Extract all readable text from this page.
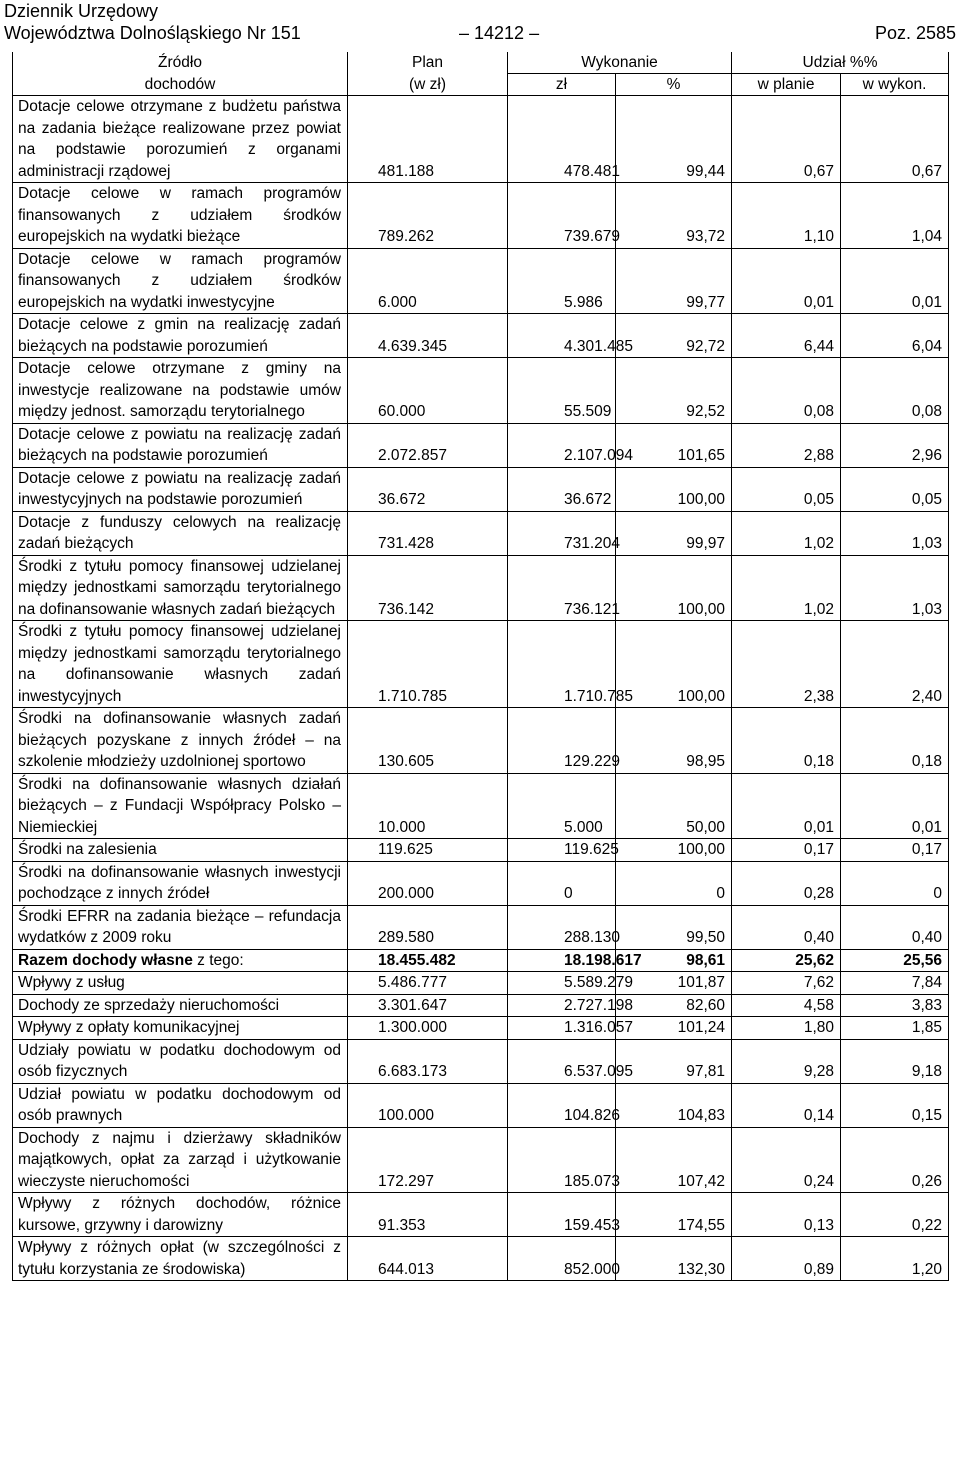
Dziennik Urzędowy
Województwa Dolnośląskiego Nr 151	– 14212 –	Poz. 2585
Źródło	Plan	Wykonanie		Udział %%	
dochodów	(w zł)	zł	%	w planie	w wykon.
Dotacje celowe otrzymane z budżetu państwa na zadania bieżące realizowane przez powiat na podstawie porozumień z organami administracji rządowej	481.188	478.481	99,44	0,67	0,67
Dotacje celowe w ramach programów finansowanych z udziałem środków europejskich na wydatki bieżące	789.262	739.679	93,72	1,10	1,04
Dotacje celowe w ramach programów finansowanych z udziałem środków europejskich na wydatki inwestycyjne	6.000	5.986	99,77	0,01	0,01
Dotacje celowe z gmin na realizację zadań bieżących na podstawie porozumień	4.639.345	4.301.485	92,72	6,44	6,04
Dotacje celowe otrzymane z gminy na inwestycje realizowane na podstawie umów między jednost. samorządu terytorialnego	60.000	55.509	92,52	0,08	0,08
Dotacje celowe z powiatu na realizację zadań bieżących na podstawie porozumień	2.072.857	2.107.094	101,65	2,88	2,96
Dotacje celowe z powiatu na realizację zadań inwestycyjnych na podstawie porozumień	36.672	36.672	100,00	0,05	0,05
Dotacje z funduszy celowych na realizację zadań bieżących	731.428	731.204	99,97	1,02	1,03
Środki z tytułu pomocy finansowej udzielanej między jednostkami samorządu terytorialnego na dofinansowanie własnych zadań bieżących	736.142	736.121	100,00	1,02	1,03
Środki z tytułu pomocy finansowej udzielanej między jednostkami samorządu terytorialnego na dofinansowanie własnych zadań inwestycyjnych	1.710.785	1.710.785	100,00	2,38	2,40
Środki na dofinansowanie własnych zadań bieżących pozyskane z innych źródeł – na szkolenie młodzieży uzdolnionej sportowo	130.605	129.229	98,95	0,18	0,18
Środki na dofinansowanie własnych działań bieżących – z Fundacji Współpracy Polsko – Niemieckiej	10.000	5.000	50,00	0,01	0,01
Środki na zalesienia	119.625	119.625	100,00	0,17	0,17
Środki na dofinansowanie własnych inwestycji pochodzące z innych źródeł	200.000	0	0	0,28	0
Środki EFRR na zadania bieżące – refundacja wydatków z 2009 roku	289.580	288.130	99,50	0,40	0,40
Razem dochody własne z tego:	18.455.482	18.198.617	98,61	25,62	25,56
Wpływy z usług	5.486.777	5.589.279	101,87	7,62	7,84
Dochody ze sprzedaży nieruchomości	3.301.647	2.727.198	82,60	4,58	3,83
Wpływy z opłaty komunikacyjnej	1.300.000	1.316.057	101,24	1,80	1,85
Udziały powiatu w podatku dochodowym od osób fizycznych	6.683.173	6.537.095	97,81	9,28	9,18
Udział powiatu w podatku dochodowym od osób prawnych	100.000	104.826	104,83	0,14	0,15
Dochody z najmu i dzierżawy składników majątkowych, opłat za zarząd i użytkowanie wieczyste nieruchomości	172.297	185.073	107,42	0,24	0,26
Wpływy z różnych dochodów, różnice kursowe, grzywny i darowizny	91.353	159.453	174,55	0,13	0,22
Wpływy z różnych opłat (w szczególności z tytułu korzystania ze środowiska)	644.013	852.000	132,30	0,89	1,20
